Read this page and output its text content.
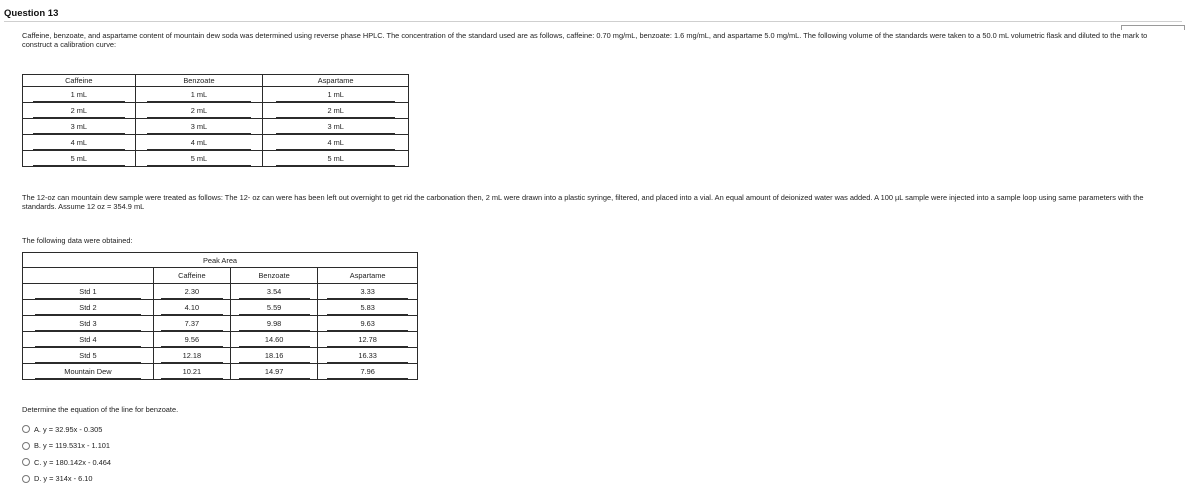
Question 13
Caffeine, benzoate, and aspartame content of mountain dew soda was determined using reverse phase HPLC. The concentration of the standard used are as follows, caffeine: 0.70 mg/mL, benzoate: 1.6 mg/mL, and aspartame 5.0 mg/mL. The following volume of the standards were taken to a 50.0 mL volumetric flask and diluted to the mark to construct a calibration curve:
Caffeine	Benzoate	Aspartame

1 mL	1 mL	1 mL

2 mL	2 mL	2 mL

3 mL	3 mL	3 mL

4 mL	4 mL	4 mL

5 mL	5 mL	5 mL
The 12-oz can mountain dew sample were treated as follows: The 12- oz can were has been left out overnight to get rid the carbonation then, 2 mL were drawn into a plastic syringe, filtered, and placed into a vial. An equal amount of deionized water was added. A 100 µL sample were injected into a sample loop using same parameters with the standards. Assume 12 oz = 354.9 mL
The following data were obtained:
Peak Area			
	Caffeine	Benzoate	Aspartame

Std 1	2.30	3.54	3.33

Std 2	4.10	5.59	5.83

Std 3	7.37	9.98	9.63

Std 4	9.56	14.60	12.78

Std 5	12.18	18.16	16.33

Mountain Dew	10.21	14.97	7.96
Determine the equation of the line for benzoate.
A. y = 32.95x - 0.305
B. y = 119.531x - 1.101
C. y = 180.142x - 0.464
D. y = 314x - 6.10
